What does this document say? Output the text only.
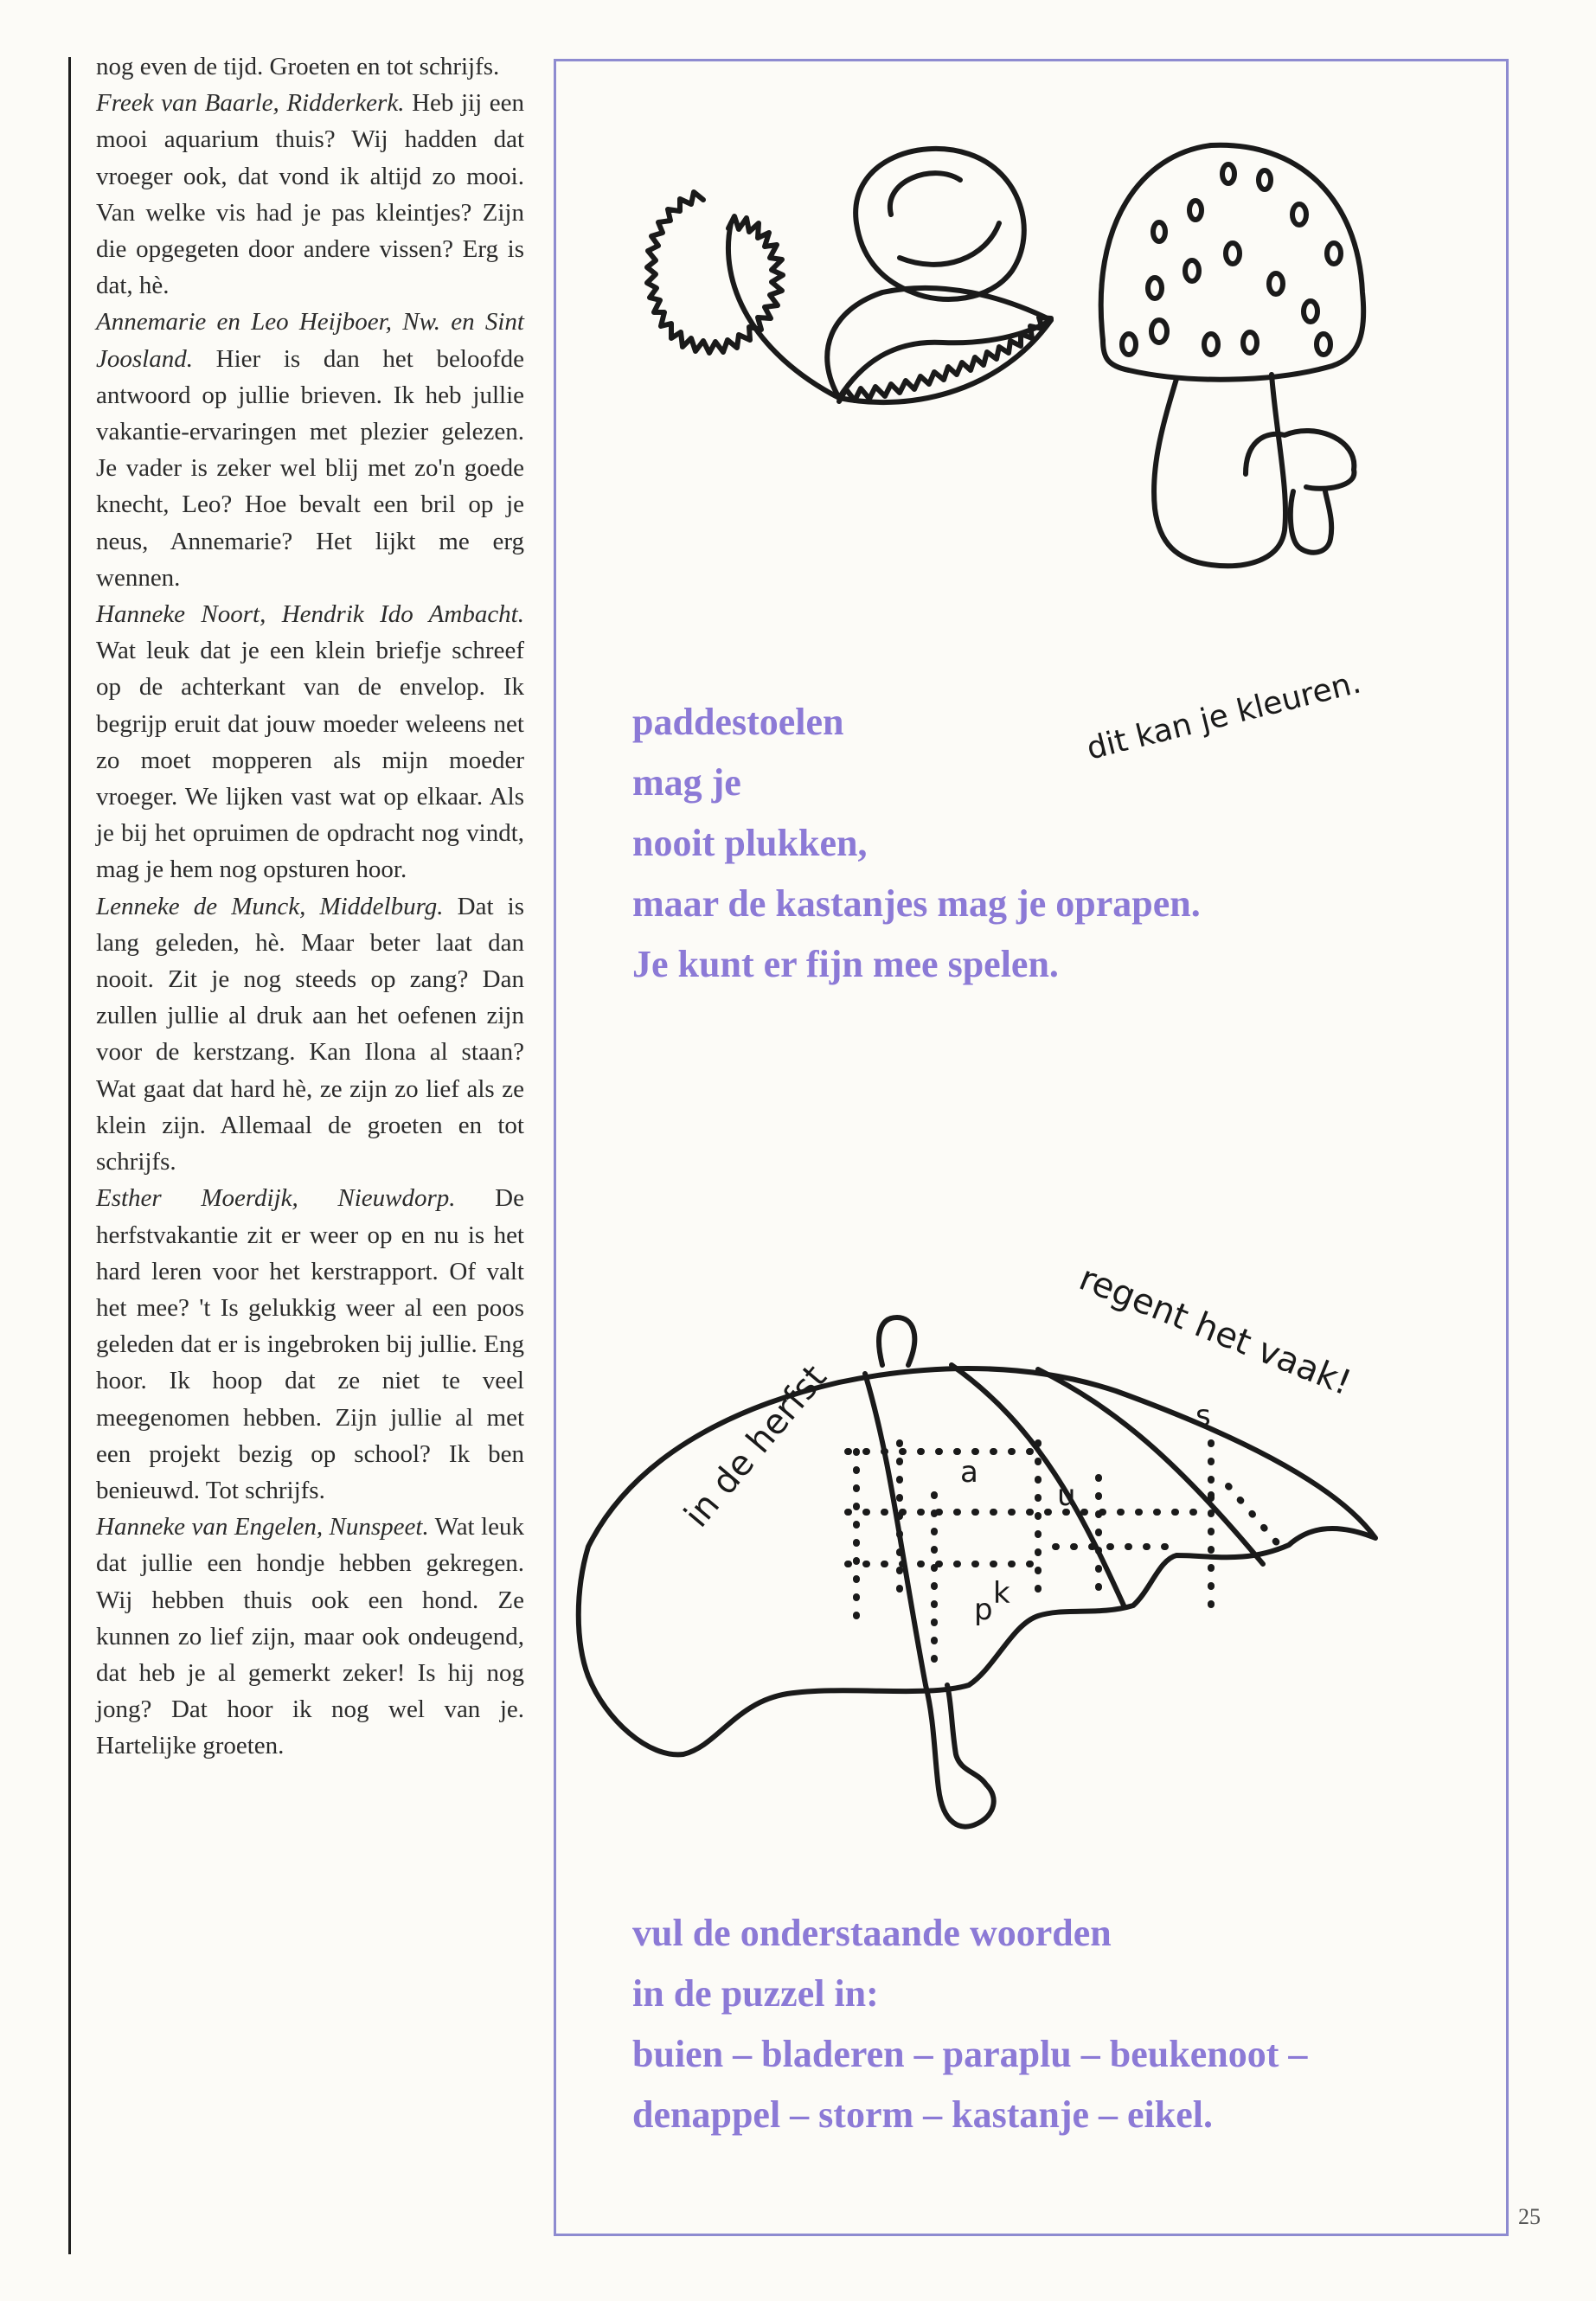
nog even de tijd. Groeten en tot schrijfs.

Freek van Baarle, Ridderkerk. Heb jij een mooi aquarium thuis? Wij hadden dat vroeger ook, dat vond ik altijd zo mooi. Van welke vis had je pas kleintjes? Zijn die opgegeten door andere vissen? Erg is dat, hè.

Annemarie en Leo Heijboer, Nw. en Sint Joosland. Hier is dan het beloofde antwoord op jullie brieven. Ik heb jullie vakantie-ervaringen met plezier gelezen. Je vader is zeker wel blij met zo'n goede knecht, Leo? Hoe bevalt een bril op je neus, Annemarie? Het lijkt me erg wennen.

Hanneke Noort, Hendrik Ido Ambacht. Wat leuk dat je een klein briefje schreef op de achterkant van de envelop. Ik begrijp eruit dat jouw moeder weleens net zo moet mopperen als mijn moeder vroeger. We lijken vast wat op elkaar. Als je bij het opruimen de opdracht nog vindt, mag je hem nog opsturen hoor.

Lenneke de Munck, Middelburg. Dat is lang geleden, hè. Maar beter laat dan nooit. Zit je nog steeds op zang? Dan zullen jullie al druk aan het oefenen zijn voor de kerstzang. Kan Ilona al staan? Wat gaat dat hard hè, ze zijn zo lief als ze klein zijn. Allemaal de groeten en tot schrijfs.

Esther Moerdijk, Nieuwdorp. De herfstvakantie zit er weer op en nu is het hard leren voor het kerstrapport. Of valt het mee? 't Is gelukkig weer al een poos geleden dat er is ingebroken bij jullie. Eng hoor. Ik hoop dat ze niet te veel meegenomen hebben. Zijn jullie al met een projekt bezig op school? Ik ben benieuwd. Tot schrijfs.

Hanneke van Engelen, Nunspeet. Wat leuk dat jullie een hondje hebben gekregen. Wij hebben thuis ook een hond. Ze kunnen zo lief zijn, maar ook ondeugend, dat heb je al gemerkt zeker! Is hij nog jong? Dat hoor ik nog wel van je. Hartelijke groeten.

dit kan je kleuren.
a
u
s
p k
in de herfst
regent het vaak!

paddestoelen

mag je

nooit plukken,

maar de kastanjes mag je oprapen.

Je kunt er fijn mee spelen.

vul de onderstaande woorden

in de puzzel in:

buien – bladeren – paraplu – beukenoot –

denappel – storm – kastanje – eikel.

25
